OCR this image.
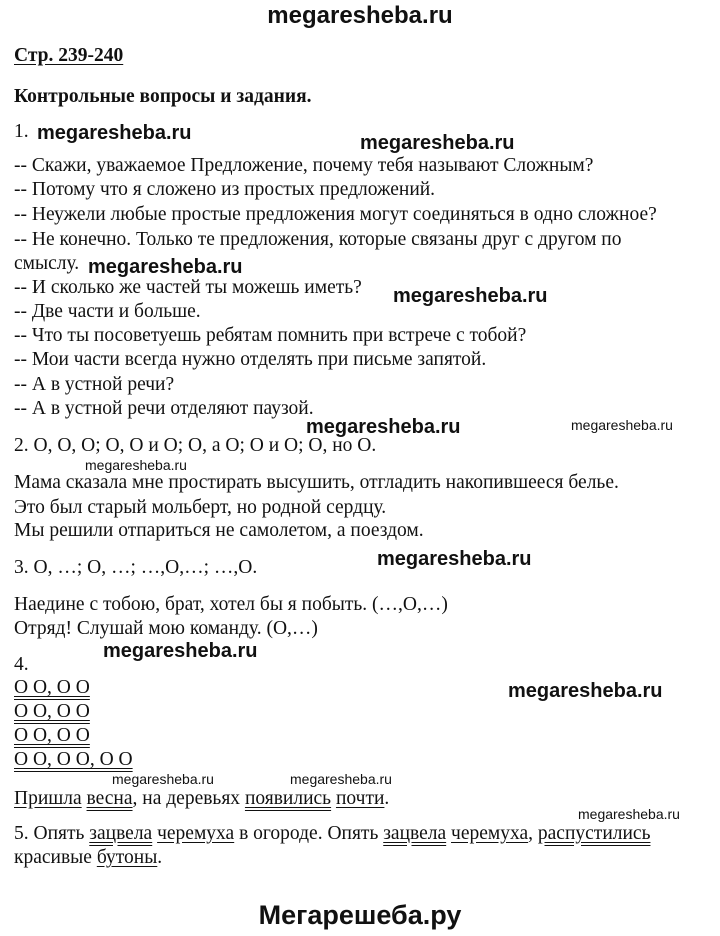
megaresheba.ru
Стр. 239-240
Контрольные вопросы и задания.
1.
-- Скажи, уважаемое Предложение, почему тебя называют Сложным?
-- Потому что я сложено из простых предложений.
-- Неужели любые простые предложения могут соединяться в одно сложное?
-- Не конечно. Только те предложения, которые связаны друг с другом по
смыслу.
-- И сколько же частей ты можешь иметь?
-- Две части и больше.
-- Что ты посоветуешь ребятам помнить при встрече с тобой?
-- Мои части всегда нужно отделять при письме запятой.
-- А в устной речи?
-- А в устной речи отделяют паузой.
2. О, О, О; О, О и О; О, а О; О и О; О, но О.
Мама сказала мне простирать высушить, отгладить накопившееся белье.
Это был старый мольберт, но родной сердцу.
Мы решили отпариться не самолетом, а поездом.
3. О, …; О, …; …,О,…; …,О.
Наедине с тобою, брат, хотел бы я побыть. (…,О,…)
Отряд! Слушай мою команду. (О,…)
4.
О О, О О
О О, О О
О О, О О
О О, О О, О О
Пришла весна, на деревьях появились почти.
5. Опять зацвела черемуха в огороде. Опять зацвела черемуха, распустились
красивые бутоны.
megaresheba.ru	megaresheba.ru
megaresheba.ru
megaresheba.ru
megaresheba.ru	megaresheba.ru
megaresheba.ru
megaresheba.ru
megaresheba.ru
megaresheba.ru
megaresheba.ru	megaresheba.ru
megaresheba.ru
Мегарешеба.ру
